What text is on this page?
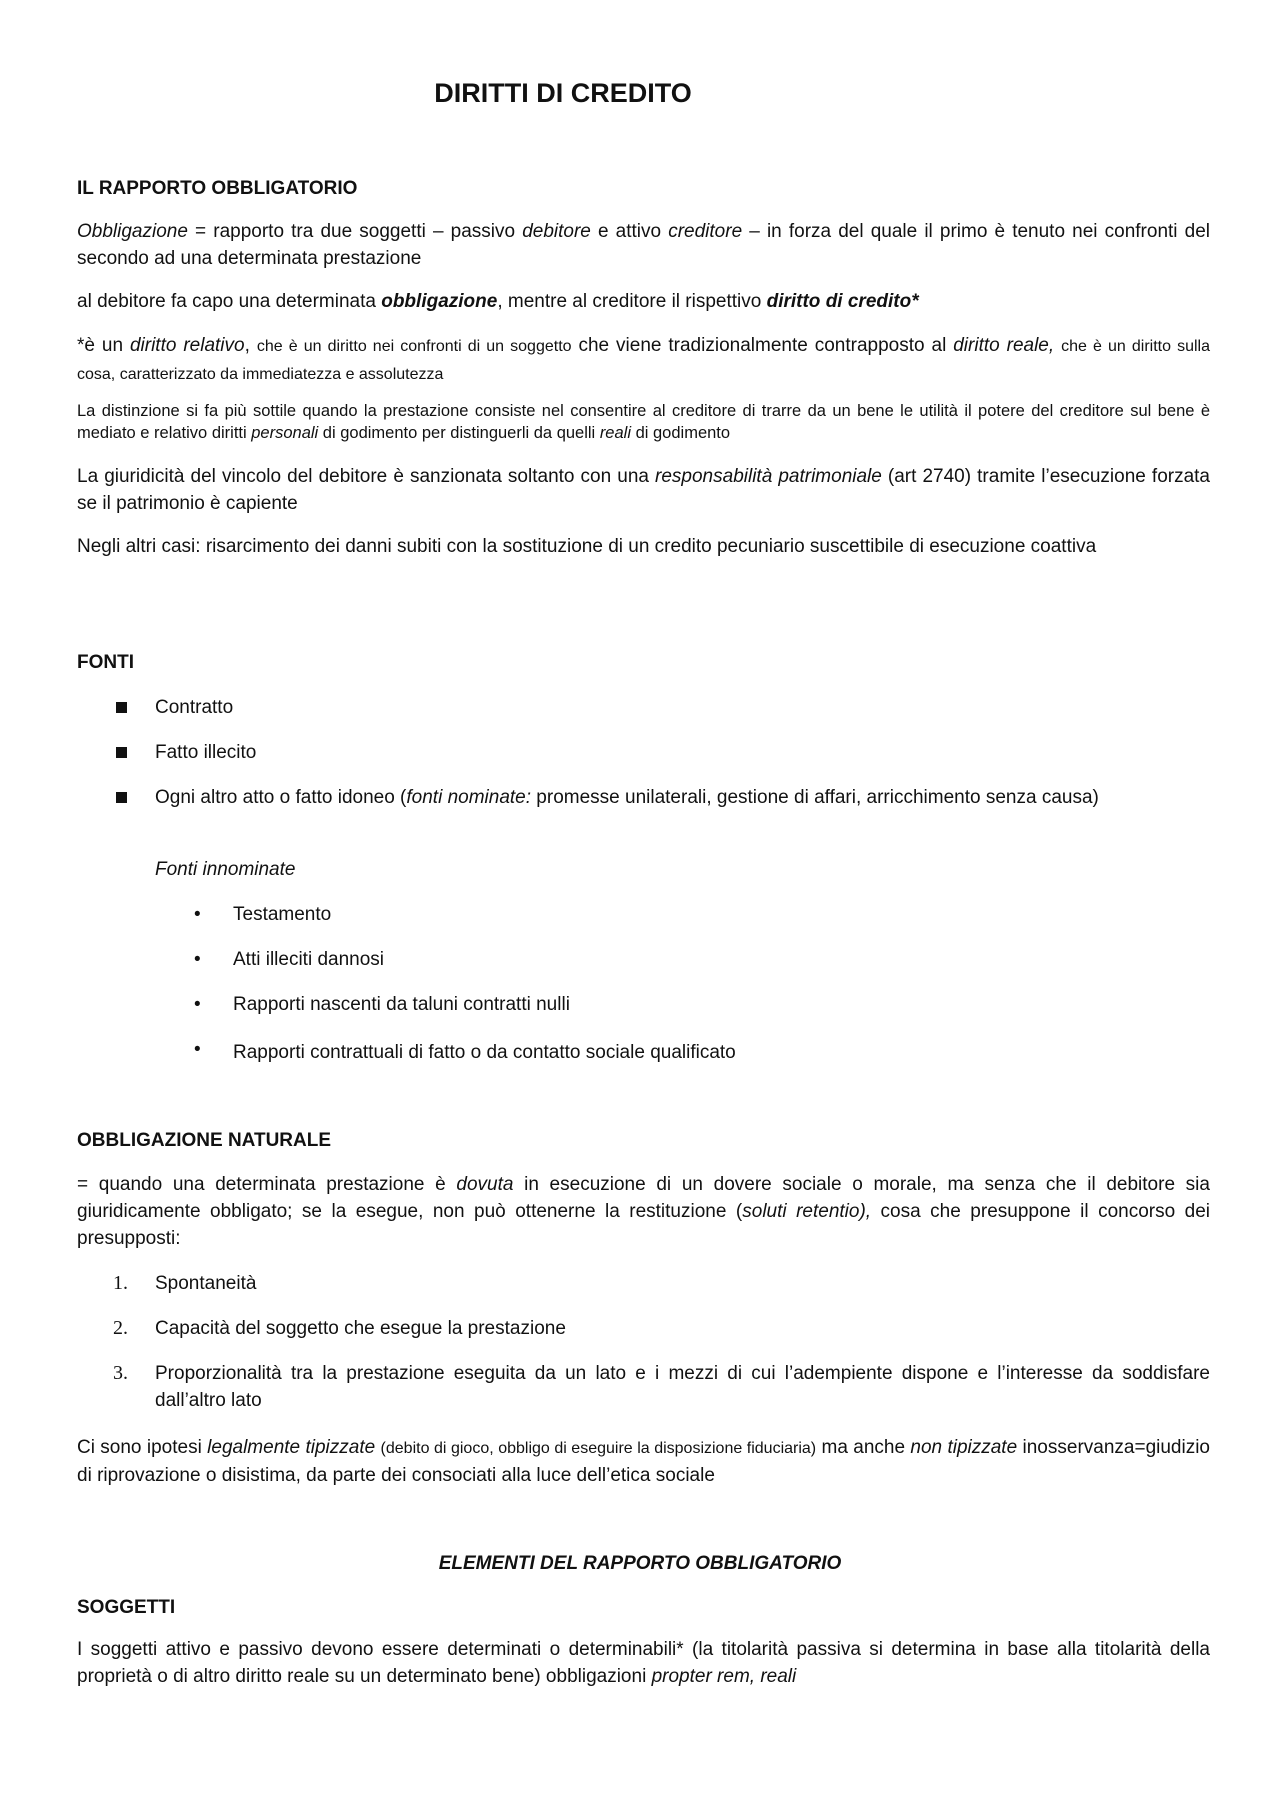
DIRITTI DI CREDITO
IL RAPPORTO OBBLIGATORIO

Obbligazione = rapporto tra due soggetti – passivo debitore e attivo creditore – in forza del quale il primo è tenuto nei confronti del secondo ad una determinata prestazione

al debitore fa capo una determinata obbligazione, mentre al creditore il rispettivo diritto di credito*

*è un diritto relativo, che è un diritto nei confronti di un soggetto che viene tradizionalmente contrapposto al diritto reale, che è un diritto sulla cosa, caratterizzato da immediatezza e assolutezza

La distinzione si fa più sottile quando la prestazione consiste nel consentire al creditore di trarre da un bene le utilità il potere del creditore sul bene è mediato e relativo diritti personali di godimento per distinguerli da quelli reali di godimento

La giuridicità del vincolo del debitore è sanzionata soltanto con una responsabilità patrimoniale (art 2740) tramite l’esecuzione forzata se il patrimonio è capiente

Negli altri casi: risarcimento dei danni subiti con la sostituzione di un credito pecuniario suscettibile di esecuzione coattiva

FONTI
Contratto
Fatto illecito
Ogni altro atto o fatto idoneo (fonti nominate: promesse unilaterali, gestione di affari, arricchimento senza causa)
Fonti innominate
• Testamento
• Atti illeciti dannosi
• Rapporti nascenti da taluni contratti nulli
• Rapporti contrattuali di fatto o da contatto sociale qualificato
OBBLIGAZIONE NATURALE

= quando una determinata prestazione è dovuta in esecuzione di un dovere sociale o morale, ma senza che il debitore sia giuridicamente obbligato; se la esegue, non può ottenerne la restituzione (soluti retentio), cosa che presuppone il concorso dei presupposti:

1. Spontaneità
2. Capacità del soggetto che esegue la prestazione
3. Proporzionalità tra la prestazione eseguita da un lato e i mezzi di cui l’adempiente dispone e l’interesse da soddisfare dall’altro lato

Ci sono ipotesi legalmente tipizzate (debito di gioco, obbligo di eseguire la disposizione fiduciaria) ma anche non tipizzate inosservanza=giudizio di riprovazione o disistima, da parte dei consociati alla luce dell’etica sociale

ELEMENTI DEL RAPPORTO OBBLIGATORIO
SOGGETTI

I soggetti attivo e passivo devono essere determinati o determinabili* (la titolarità passiva si determina in base alla titolarità della proprietà o di altro diritto reale su un determinato bene) obbligazioni propter rem, reali
